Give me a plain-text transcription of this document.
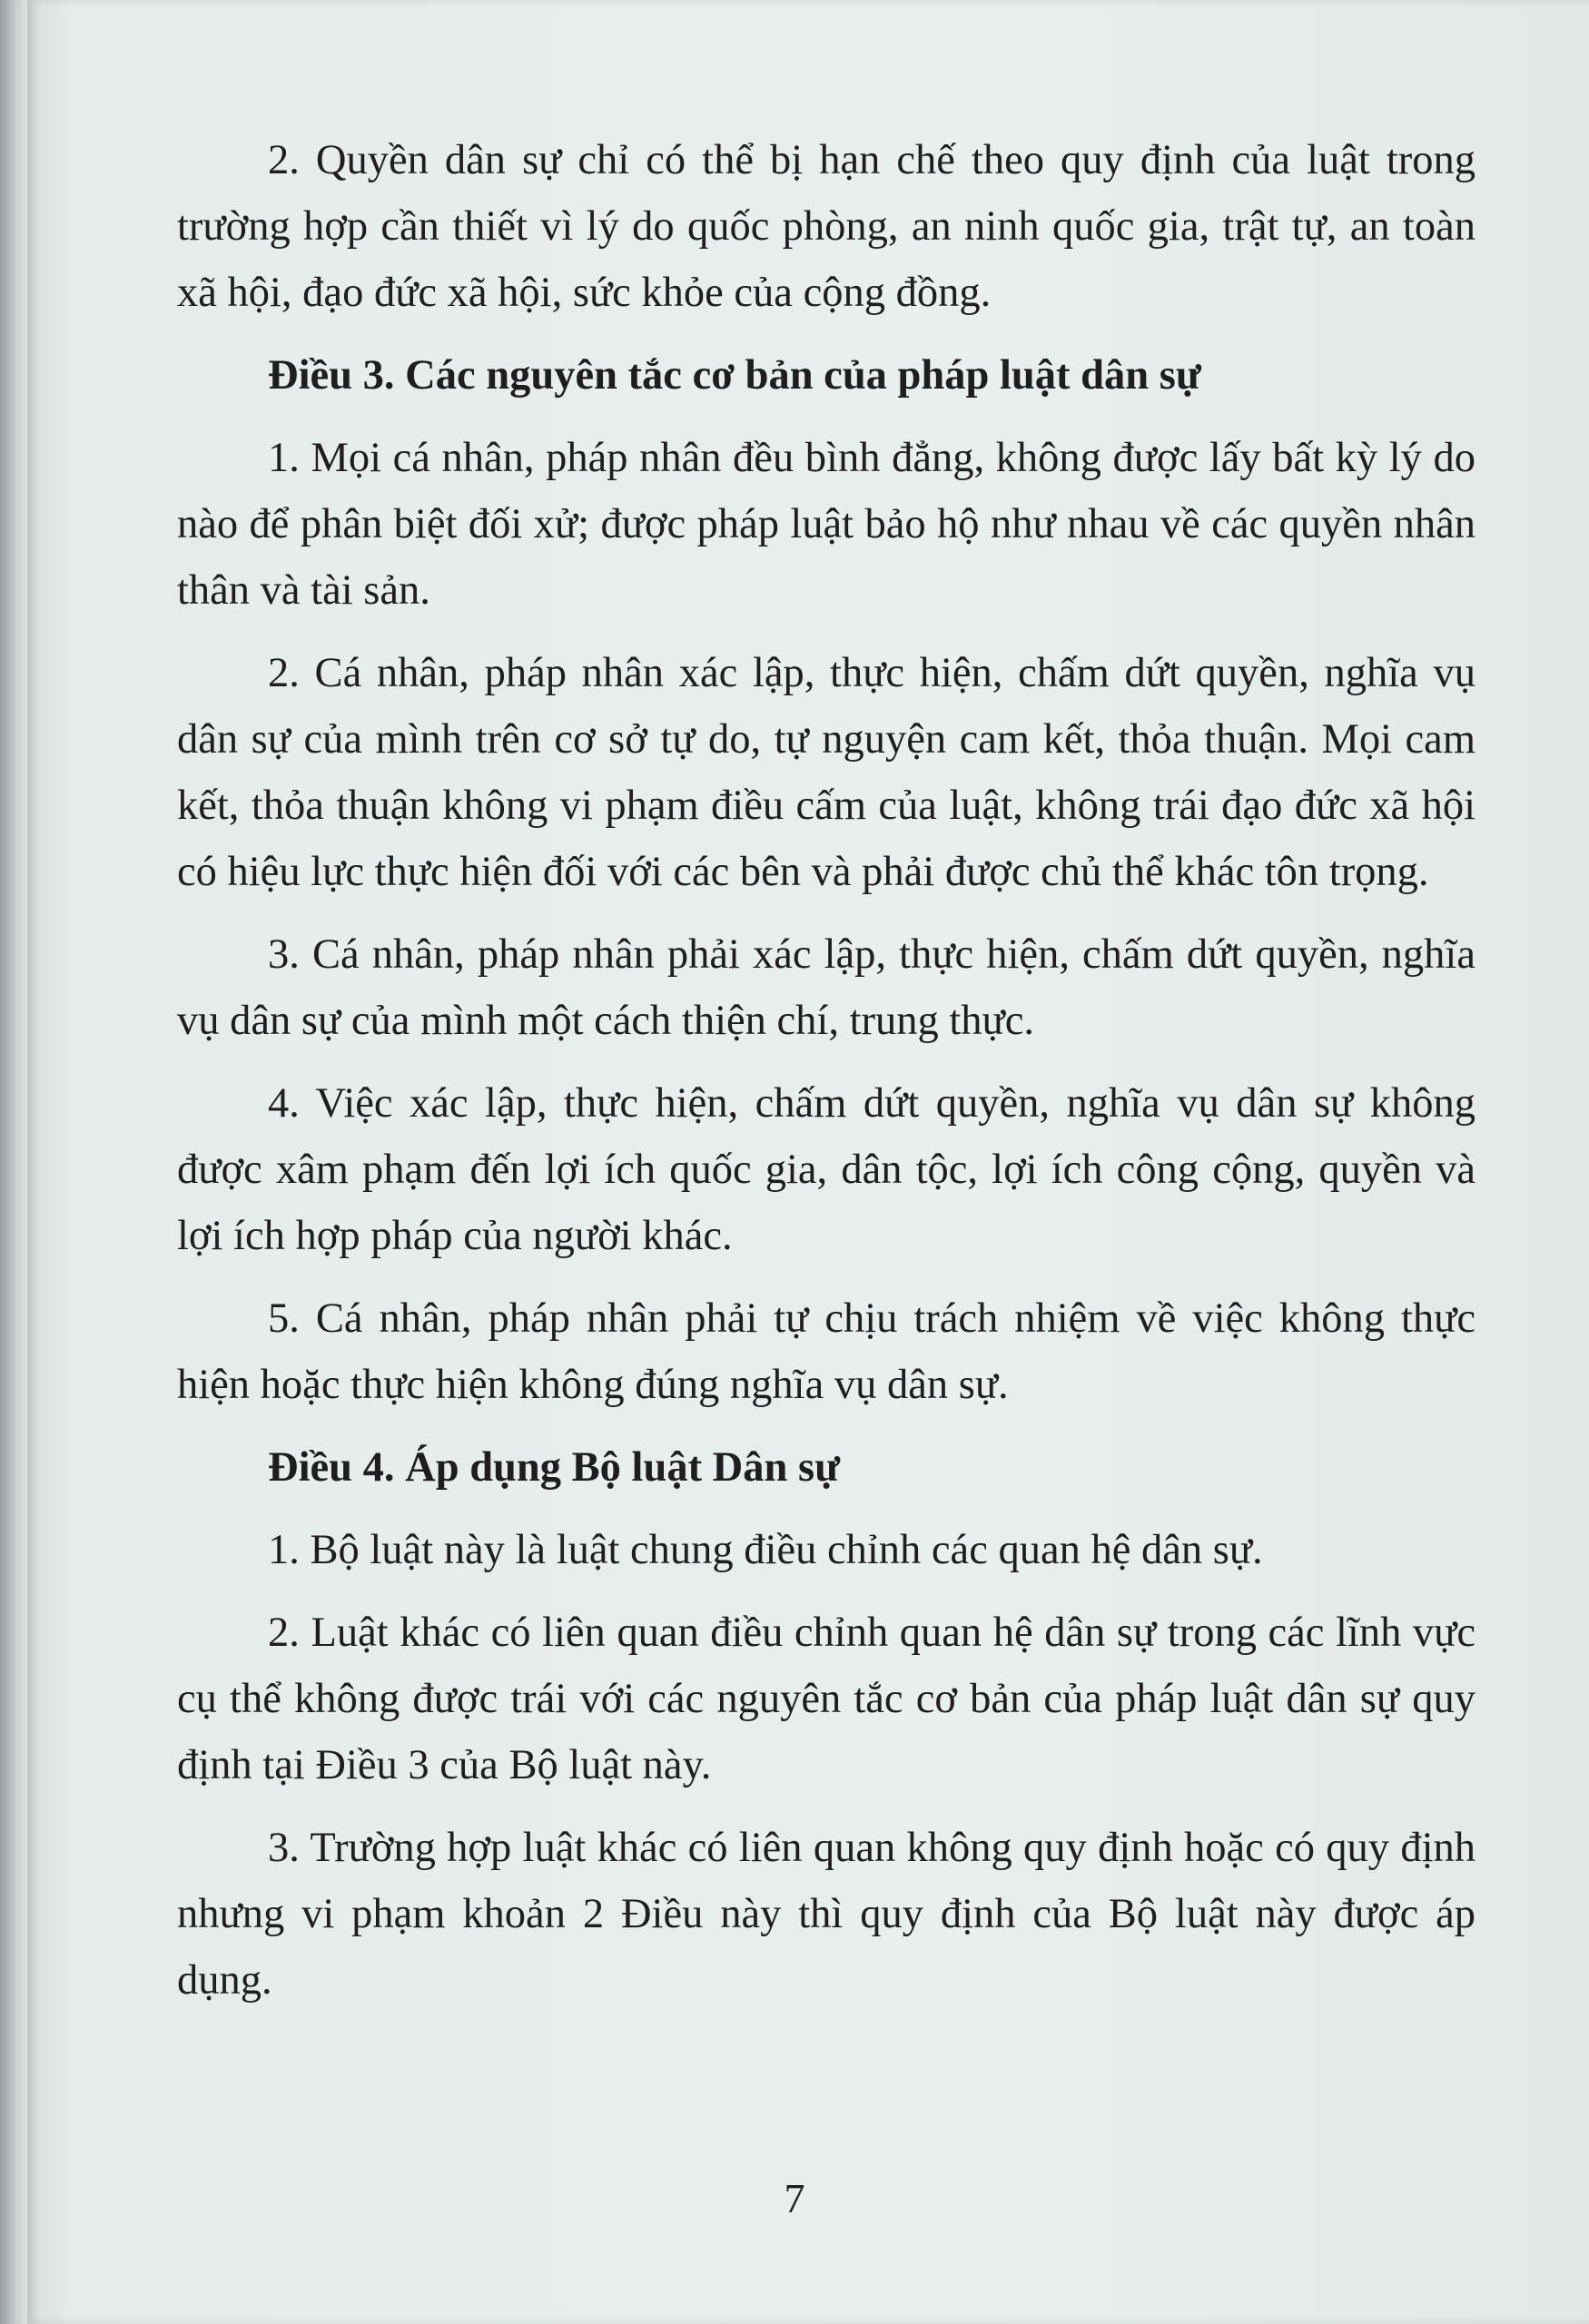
2. Quyền dân sự chỉ có thể bị hạn chế theo quy định của luật trong trường hợp cần thiết vì lý do quốc phòng, an ninh quốc gia, trật tự, an toàn xã hội, đạo đức xã hội, sức khỏe của cộng đồng.

Điều 3. Các nguyên tắc cơ bản của pháp luật dân sự

1. Mọi cá nhân, pháp nhân đều bình đẳng, không được lấy bất kỳ lý do nào để phân biệt đối xử; được pháp luật bảo hộ như nhau về các quyền nhân thân và tài sản.

2. Cá nhân, pháp nhân xác lập, thực hiện, chấm dứt quyền, nghĩa vụ dân sự của mình trên cơ sở tự do, tự nguyện cam kết, thỏa thuận. Mọi cam kết, thỏa thuận không vi phạm điều cấm của luật, không trái đạo đức xã hội có hiệu lực thực hiện đối với các bên và phải được chủ thể khác tôn trọng.

3. Cá nhân, pháp nhân phải xác lập, thực hiện, chấm dứt quyền, nghĩa vụ dân sự của mình một cách thiện chí, trung thực.

4. Việc xác lập, thực hiện, chấm dứt quyền, nghĩa vụ dân sự không được xâm phạm đến lợi ích quốc gia, dân tộc, lợi ích công cộng, quyền và lợi ích hợp pháp của người khác.

5. Cá nhân, pháp nhân phải tự chịu trách nhiệm về việc không thực hiện hoặc thực hiện không đúng nghĩa vụ dân sự.

Điều 4. Áp dụng Bộ luật Dân sự

1. Bộ luật này là luật chung điều chỉnh các quan hệ dân sự.

2. Luật khác có liên quan điều chỉnh quan hệ dân sự trong các lĩnh vực cụ thể không được trái với các nguyên tắc cơ bản của pháp luật dân sự quy định tại Điều 3 của Bộ luật này.

3. Trường hợp luật khác có liên quan không quy định hoặc có quy định nhưng vi phạm khoản 2 Điều này thì quy định của Bộ luật này được áp dụng.

7
